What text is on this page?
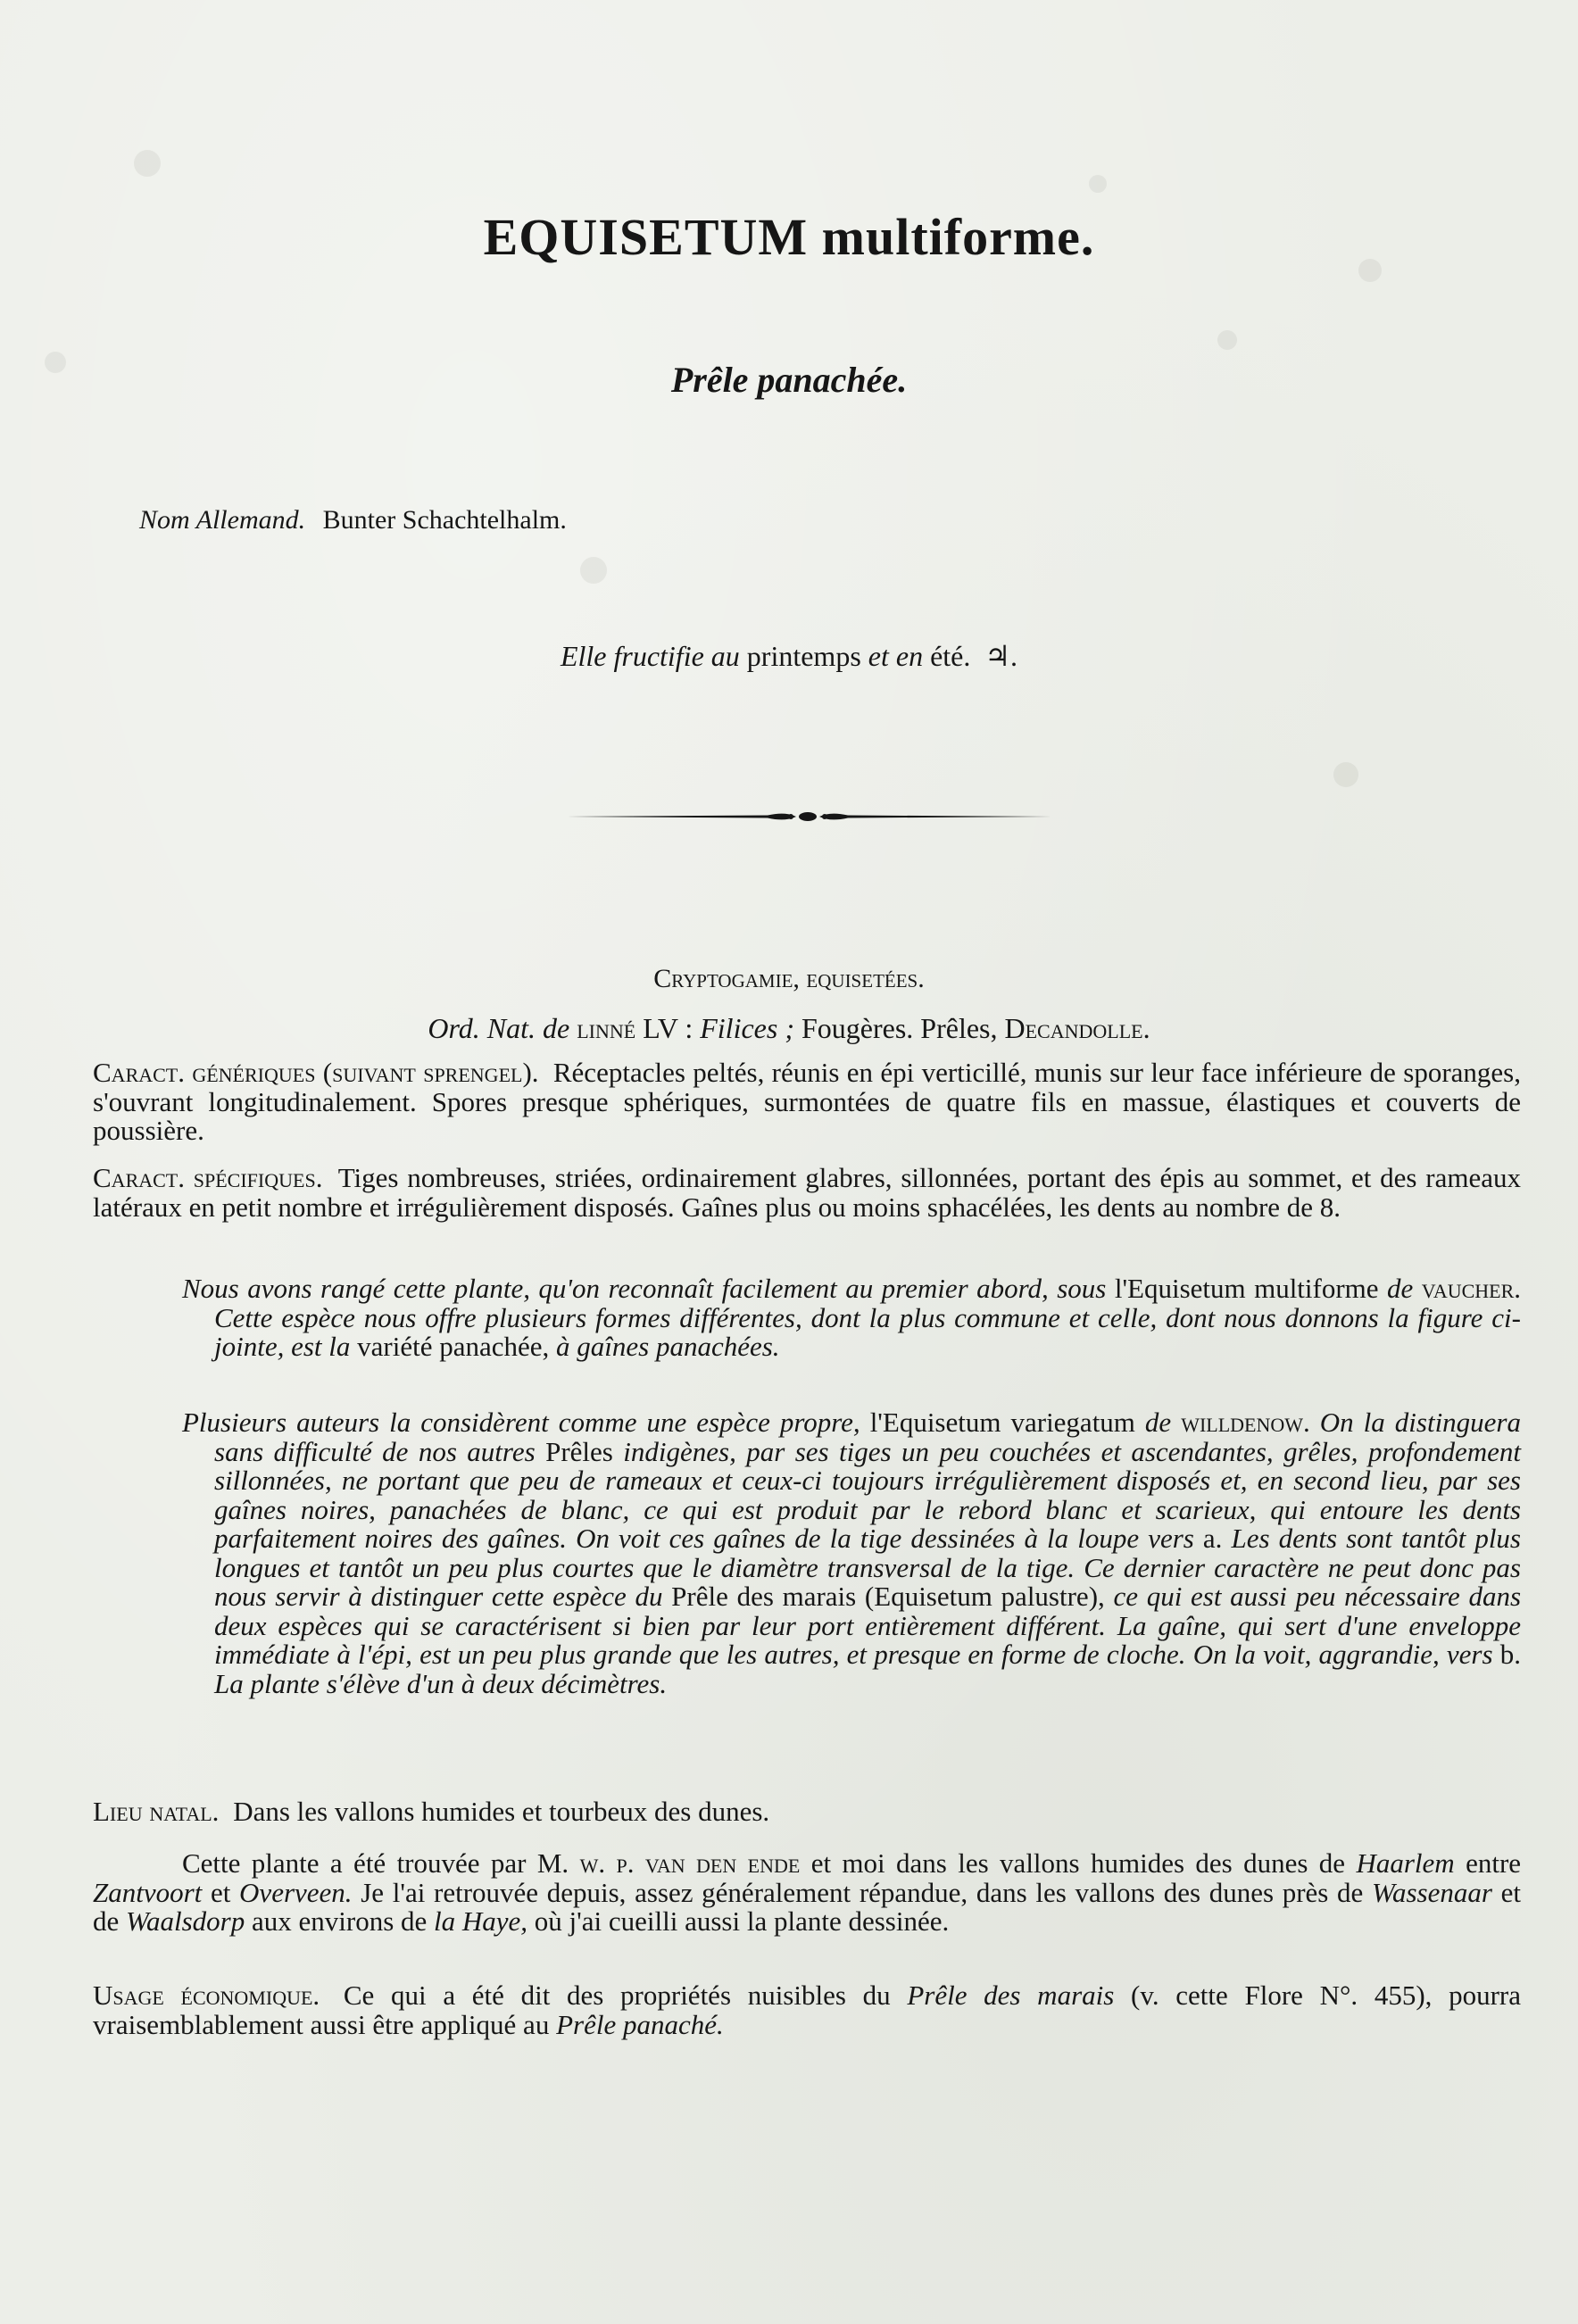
EQUISETUM multiforme.
Prêle panachée.

Nom Allemand. Bunter Schachtelhalm.

Elle fructifie au printemps et en été. ♃.

Cryptogamie, equisetées.

Ord. Nat. de linné LV : Filices ; Fougères. Prêles, Decandolle.

Caract. génériques (suivant sprengel). Réceptacles peltés, réunis en épi verticillé, munis sur leur face inférieure de sporanges, s'ouvrant longitudinalement. Spores presque sphériques, surmontées de quatre fils en massue, élastiques et couverts de poussière.

Caract. spécifiques. Tiges nombreuses, striées, ordinairement glabres, sillonnées, portant des épis au sommet, et des rameaux latéraux en petit nombre et irrégulièrement disposés. Gaînes plus ou moins sphacélées, les dents au nombre de 8.

Nous avons rangé cette plante, qu'on reconnaît facilement au premier abord, sous l'Equisetum multiforme de vaucher. Cette espèce nous offre plusieurs formes différentes, dont la plus commune et celle, dont nous donnons la figure ci-jointe, est la variété panachée, à gaînes panachées.

Plusieurs auteurs la considèrent comme une espèce propre, l'Equisetum variegatum de willdenow. On la distinguera sans difficulté de nos autres Prêles indigènes, par ses tiges un peu couchées et ascendantes, grêles, profondement sillonnées, ne portant que peu de rameaux et ceux-ci toujours irrégulièrement disposés et, en second lieu, par ses gaînes noires, panachées de blanc, ce qui est produit par le rebord blanc et scarieux, qui entoure les dents parfaitement noires des gaînes. On voit ces gaînes de la tige dessinées à la loupe vers a. Les dents sont tantôt plus longues et tantôt un peu plus courtes que le diamètre transversal de la tige. Ce dernier caractère ne peut donc pas nous servir à distinguer cette espèce du Prêle des marais (Equisetum palustre), ce qui est aussi peu nécessaire dans deux espèces qui se caractérisent si bien par leur port entièrement différent. La gaîne, qui sert d'une enveloppe immédiate à l'épi, est un peu plus grande que les autres, et presque en forme de cloche. On la voit, aggrandie, vers b. La plante s'élève d'un à deux décimètres.

Lieu natal. Dans les vallons humides et tourbeux des dunes.

Cette plante a été trouvée par M. w. p. van den ende et moi dans les vallons humides des dunes de Haarlem entre Zantvoort et Overveen. Je l'ai retrouvée depuis, assez généralement répandue, dans les vallons des dunes près de Wassenaar et de Waalsdorp aux environs de la Haye, où j'ai cueilli aussi la plante dessinée.

Usage économique. Ce qui a été dit des propriétés nuisibles du Prêle des marais (v. cette Flore N°. 455), pourra vraisemblablement aussi être appliqué au Prêle panaché.
